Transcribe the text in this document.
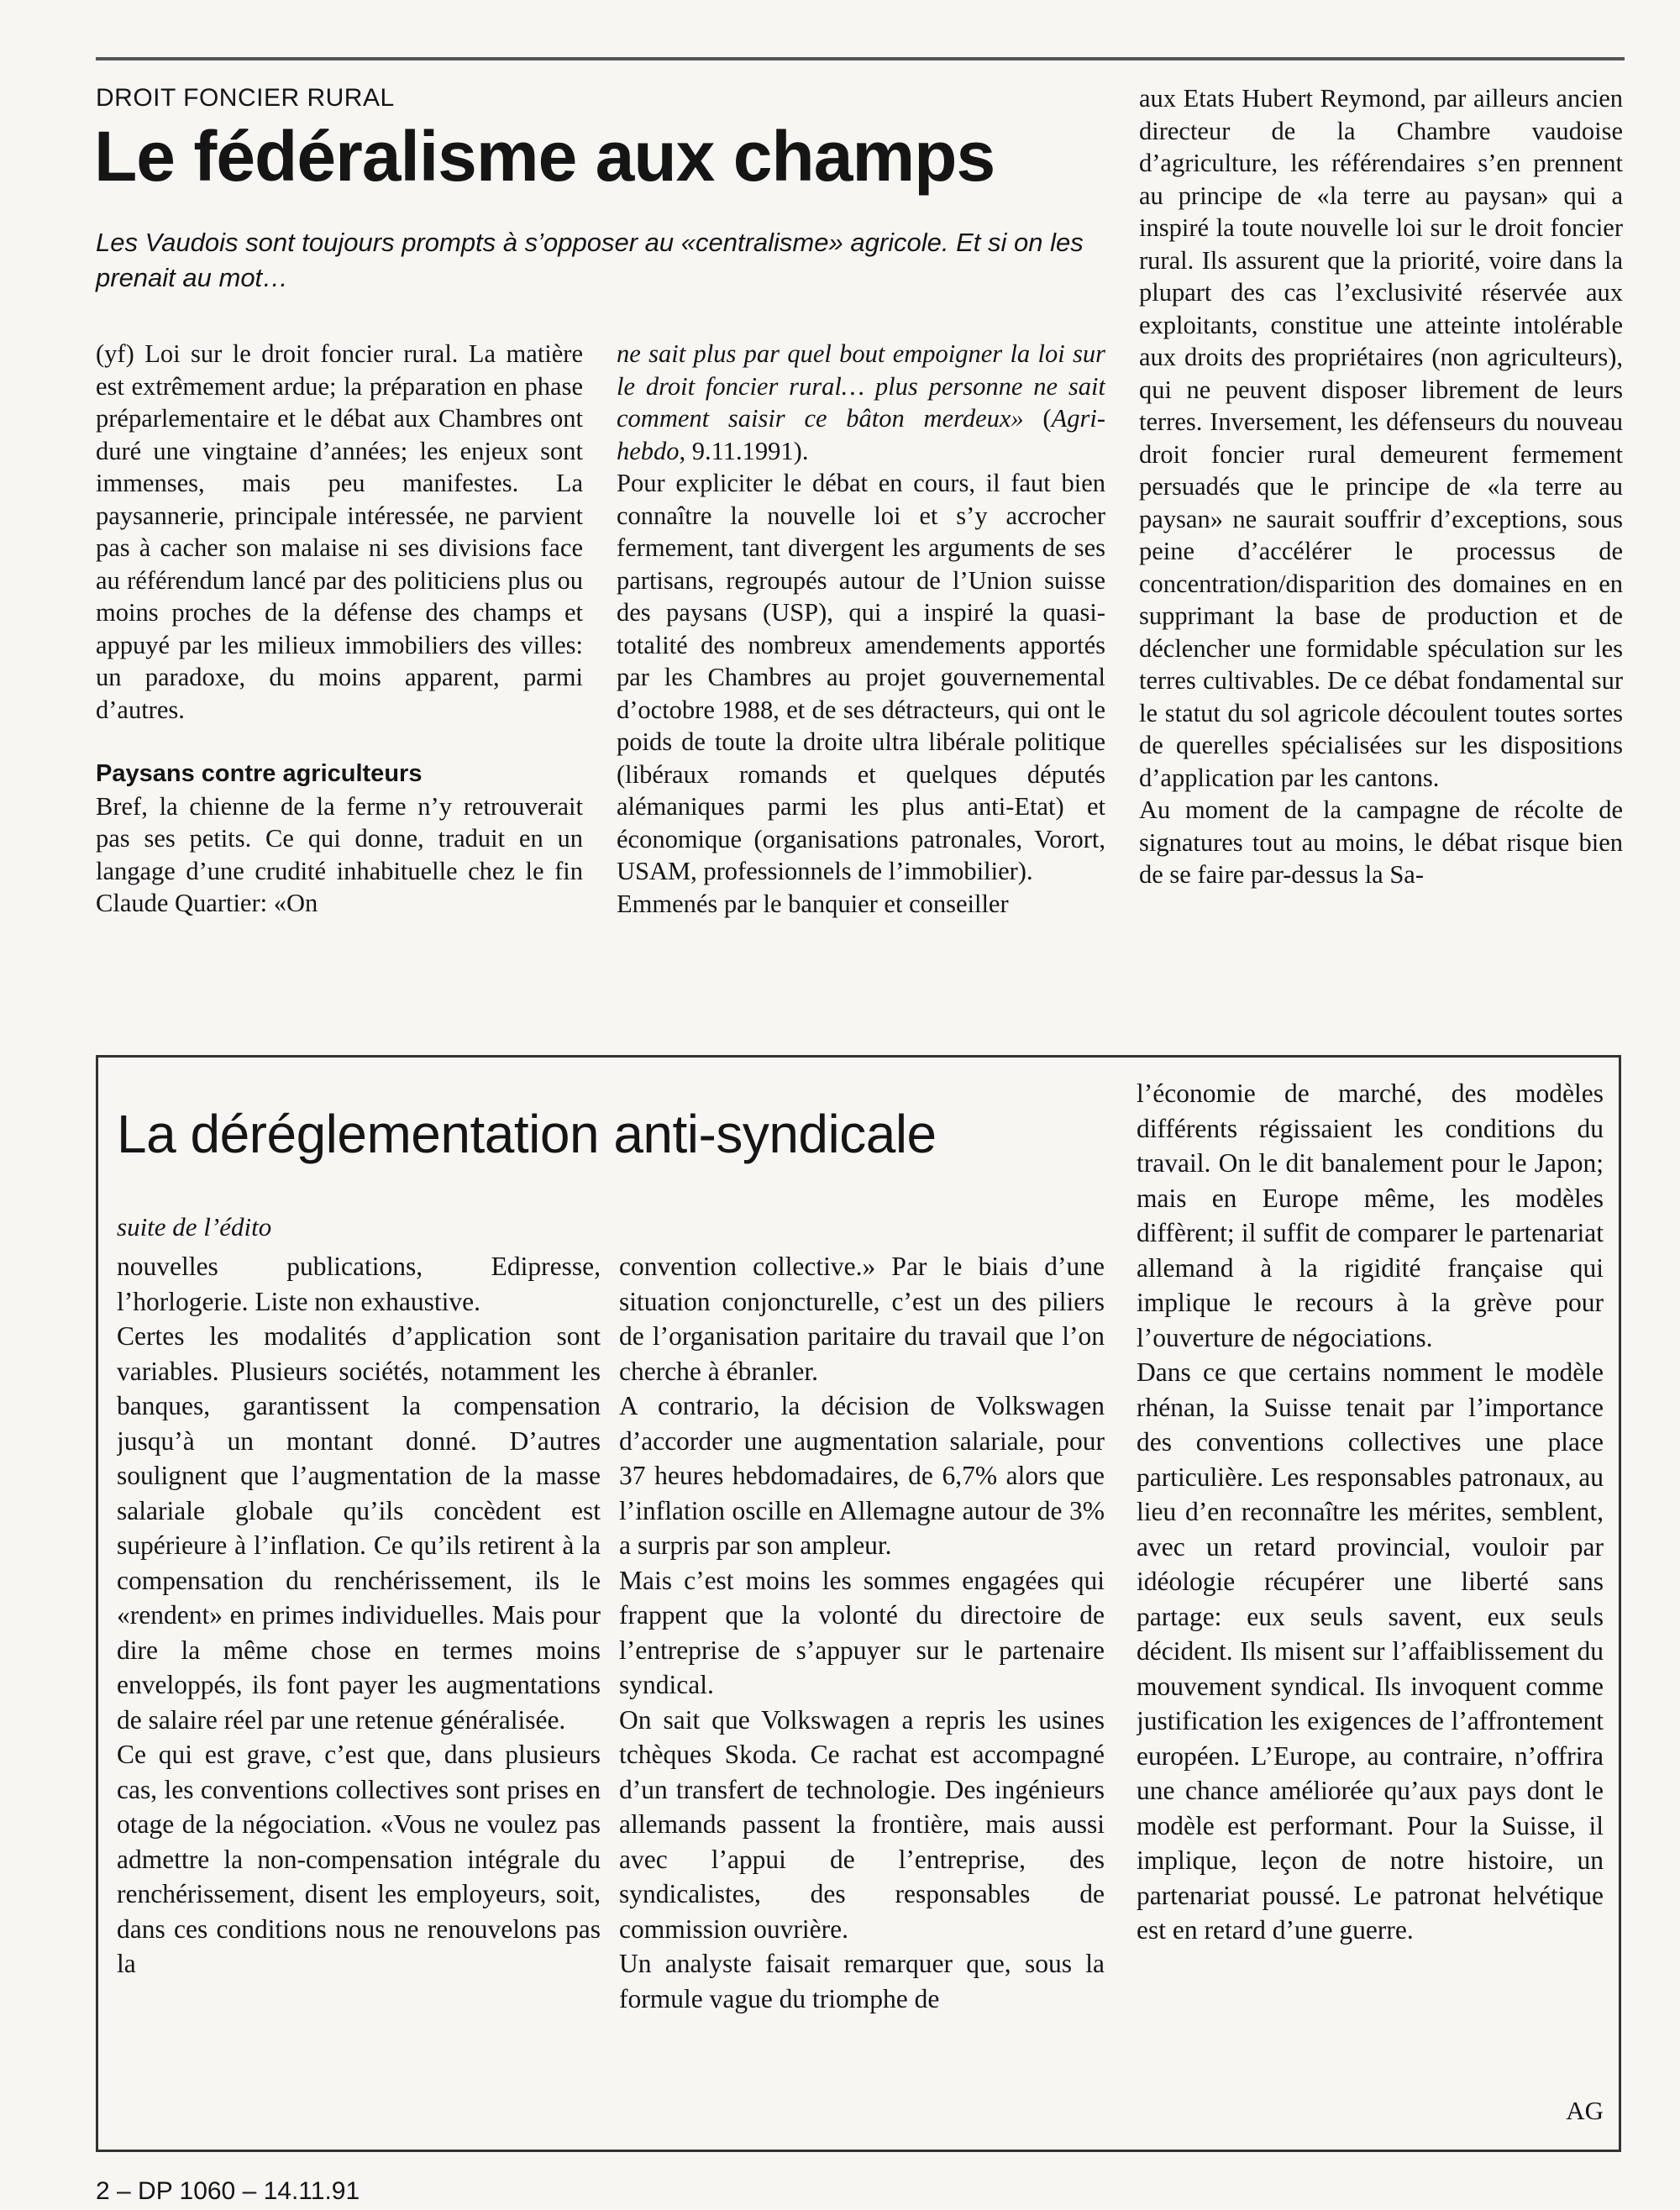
DROIT FONCIER RURAL
Le fédéralisme aux champs

Les Vaudois sont toujours prompts à s’opposer au «centralisme» agricole. Et si on les prenait au mot…

(yf) Loi sur le droit foncier rural. La matière est extrêmement ardue; la préparation en phase préparlementaire et le débat aux Chambres ont duré une vingtaine d’années; les enjeux sont immenses, mais peu manifestes. La paysannerie, principale intéressée, ne parvient pas à cacher son malaise ni ses divisions face au référendum lancé par des politiciens plus ou moins proches de la défense des champs et appuyé par les milieux immobiliers des villes: un paradoxe, du moins apparent, parmi d’autres.

Paysans contre agriculteurs

Bref, la chienne de la ferme n’y retrouverait pas ses petits. Ce qui donne, traduit en un langage d’une crudité inhabituelle chez le fin Claude Quartier: «On

ne sait plus par quel bout empoigner la loi sur le droit foncier rural… plus personne ne sait comment saisir ce bâton merdeux» (Agri-hebdo, 9.11.1991).

Pour expliciter le débat en cours, il faut bien connaître la nouvelle loi et s’y accrocher fermement, tant divergent les arguments de ses partisans, regroupés autour de l’Union suisse des paysans (USP), qui a inspiré la quasi-totalité des nombreux amendements apportés par les Chambres au projet gouvernemental d’octobre 1988, et de ses détracteurs, qui ont le poids de toute la droite ultra libérale politique (libéraux romands et quelques députés alémaniques parmi les plus anti-Etat) et économique (organisations patronales, Vorort, USAM, professionnels de l’immobilier).

Emmenés par le banquier et conseiller

aux Etats Hubert Reymond, par ailleurs ancien directeur de la Chambre vaudoise d’agriculture, les référendaires s’en prennent au principe de «la terre au paysan» qui a inspiré la toute nouvelle loi sur le droit foncier rural. Ils assurent que la priorité, voire dans la plupart des cas l’exclusivité réservée aux exploitants, constitue une atteinte intolérable aux droits des propriétaires (non agriculteurs), qui ne peuvent disposer librement de leurs terres. Inversement, les défenseurs du nouveau droit foncier rural demeurent fermement persuadés que le principe de «la terre au paysan» ne saurait souffrir d’exceptions, sous peine d’accélérer le processus de concentration/disparition des domaines en en supprimant la base de production et de déclencher une formidable spéculation sur les terres cultivables. De ce débat fondamental sur le statut du sol agricole découlent toutes sortes de querelles spécialisées sur les dispositions d’application par les cantons.

Au moment de la campagne de récolte de signatures tout au moins, le débat risque bien de se faire par-dessus la Sa-

La déréglementation anti-syndicale
suite de l’édito

nouvelles publications, Edipresse, l’horlogerie. Liste non exhaustive.

Certes les modalités d’application sont variables. Plusieurs sociétés, notamment les banques, garantissent la compensation jusqu’à un montant donné. D’autres soulignent que l’augmentation de la masse salariale globale qu’ils concèdent est supérieure à l’inflation. Ce qu’ils retirent à la compensation du renchérissement, ils le «rendent» en primes individuelles. Mais pour dire la même chose en termes moins enveloppés, ils font payer les augmentations de salaire réel par une retenue généralisée.

Ce qui est grave, c’est que, dans plusieurs cas, les conventions collectives sont prises en otage de la négociation. «Vous ne voulez pas admettre la non-compensation intégrale du renchérissement, disent les employeurs, soit, dans ces conditions nous ne renouvelons pas la

convention collective.» Par le biais d’une situation conjoncturelle, c’est un des piliers de l’organisation paritaire du travail que l’on cherche à ébranler.

A contrario, la décision de Volkswagen d’accorder une augmentation salariale, pour 37 heures hebdomadaires, de 6,7% alors que l’inflation oscille en Allemagne autour de 3% a surpris par son ampleur.

Mais c’est moins les sommes engagées qui frappent que la volonté du directoire de l’entreprise de s’appuyer sur le partenaire syndical.

On sait que Volkswagen a repris les usines tchèques Skoda. Ce rachat est accompagné d’un transfert de technologie. Des ingénieurs allemands passent la frontière, mais aussi avec l’appui de l’entreprise, des syndicalistes, des responsables de commission ouvrière.

Un analyste faisait remarquer que, sous la formule vague du triomphe de

l’économie de marché, des modèles différents régissaient les conditions du travail. On le dit banalement pour le Japon; mais en Europe même, les modèles diffèrent; il suffit de comparer le partenariat allemand à la rigidité française qui implique le recours à la grève pour l’ouverture de négociations.

Dans ce que certains nomment le modèle rhénan, la Suisse tenait par l’importance des conventions collectives une place particulière. Les responsables patronaux, au lieu d’en reconnaître les mérites, semblent, avec un retard provincial, vouloir par idéologie récupérer une liberté sans partage: eux seuls savent, eux seuls décident. Ils misent sur l’affaiblissement du mouvement syndical. Ils invoquent comme justification les exigences de l’affrontement européen. L’Europe, au contraire, n’offrira une chance améliorée qu’aux pays dont le modèle est performant. Pour la Suisse, il implique, leçon de notre histoire, un partenariat poussé. Le patronat helvétique est en retard d’une guerre.

AG
2 – DP 1060 – 14.11.91
